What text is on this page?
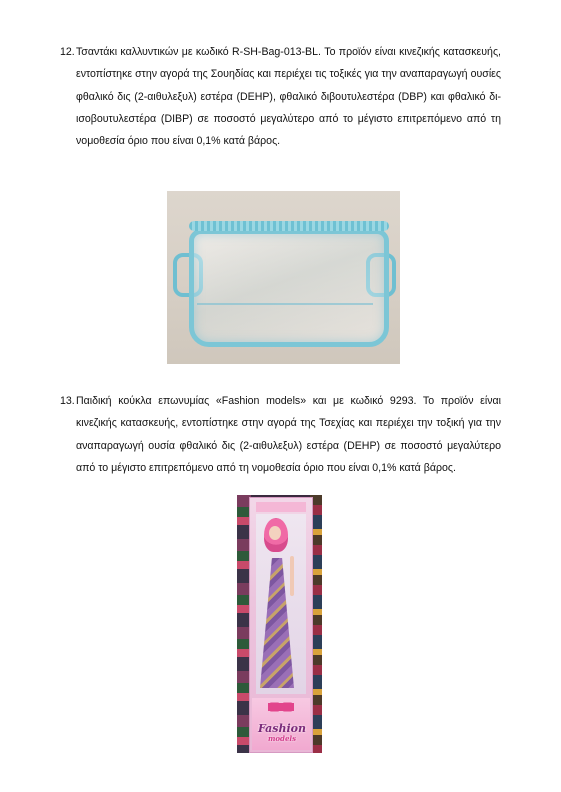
12. Τσαντάκι καλλυντικών με κωδικό R-SH-Bag-013-BL. Το προϊόν είναι κινεζικής κατασκευής, εντοπίστηκε στην αγορά της Σουηδίας και περιέχει τις τοξικές για την αναπαραγωγή ουσίες φθαλικό δις (2-αιθυλεξυλ) εστέρα (DEHP), φθαλικό διβουτυλεστέρα (DBP) και φθαλικό δι-ισοβουτυλεστέρα (DIBP) σε ποσοστό μεγαλύτερο από το μέγιστο επιτρεπόμενο από τη νομοθεσία όριο που είναι 0,1% κατά βάρος.
13. Παιδική κούκλα επωνυμίας «Fashion models» και με κωδικό 9293. Το προϊόν είναι κινεζικής κατασκευής, εντοπίστηκε στην αγορά της Τσεχίας και περιέχει την τοξική για την αναπαραγωγή ουσία φθαλικό δις (2-αιθυλεξυλ) εστέρα (DEHP) σε ποσοστό μεγαλύτερο από το μέγιστο επιτρεπόμενο από τη νομοθεσία όριο που είναι 0,1% κατά βάρος.
Fashion
models
